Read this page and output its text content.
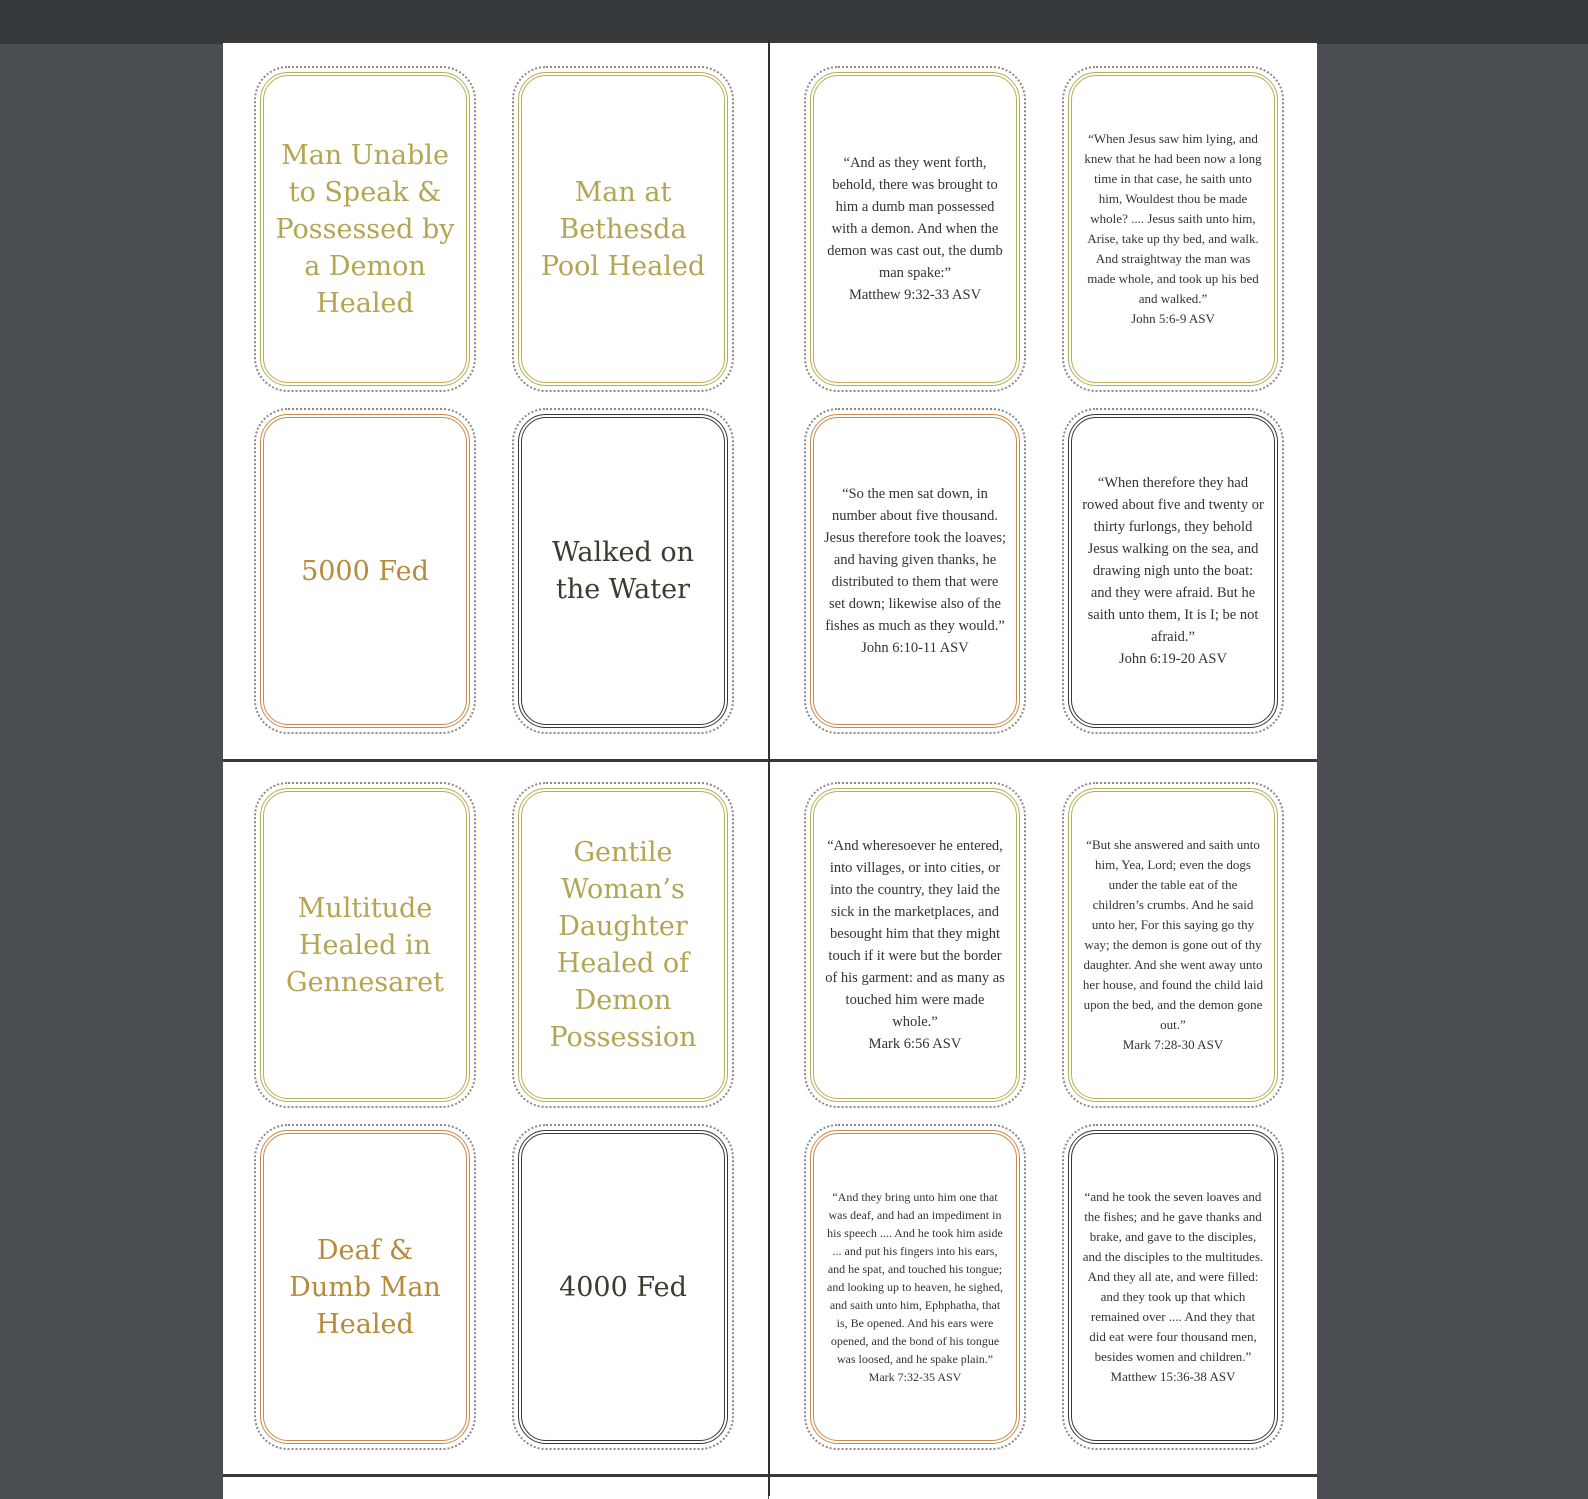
Man Unable to Speak & Possessed by a Demon Healed

Man at Bethesda Pool Healed

5000 Fed

Walked on the Water

“And as they went forth, behold, there was brought to him a dumb man possessed with a demon. And when the demon was cast out, the dumb man spake:”
Matthew 9:32-33 ASV

“When Jesus saw him lying, and knew that he had been now a long time in that case, he saith unto him, Wouldest thou be made whole? .... Jesus saith unto him, Arise, take up thy bed, and walk. And straightway the man was made whole, and took up his bed and walked.”
John 5:6-9 ASV

“So the men sat down, in number about five thousand. Jesus therefore took the loaves; and having given thanks, he distributed to them that were set down; likewise also of the fishes as much as they would.”
John 6:10-11 ASV

“When therefore they had rowed about five and twenty or thirty furlongs, they behold Jesus walking on the sea, and drawing nigh unto the boat: and they were afraid. But he saith unto them, It is I; be not afraid.”
John 6:19-20 ASV

Multitude Healed in Gennesaret

Gentile Woman’s Daughter Healed of Demon Possession

Deaf & Dumb Man Healed

4000 Fed

“And wheresoever he entered, into villages, or into cities, or into the country, they laid the sick in the marketplaces, and besought him that they might touch if it were but the border of his garment: and as many as touched him were made whole.”
Mark 6:56 ASV

“But she answered and saith unto him, Yea, Lord; even the dogs under the table eat of the children’s crumbs. And he said unto her, For this saying go thy way; the demon is gone out of thy daughter. And she went away unto her house, and found the child laid upon the bed, and the demon gone out.”
Mark 7:28-30 ASV

“And they bring unto him one that was deaf, and had an impediment in his speech .... And he took him aside ... and put his fingers into his ears, and he spat, and touched his tongue; and looking up to heaven, he sighed, and saith unto him, Ephphatha, that is, Be opened. And his ears were opened, and the bond of his tongue was loosed, and he spake plain.”
Mark 7:32-35 ASV

“and he took the seven loaves and the fishes; and he gave thanks and brake, and gave to the disciples, and the disciples to the multitudes. And they all ate, and were filled: and they took up that which remained over .... And they that did eat were four thousand men, besides women and children.”
Matthew 15:36-38 ASV
